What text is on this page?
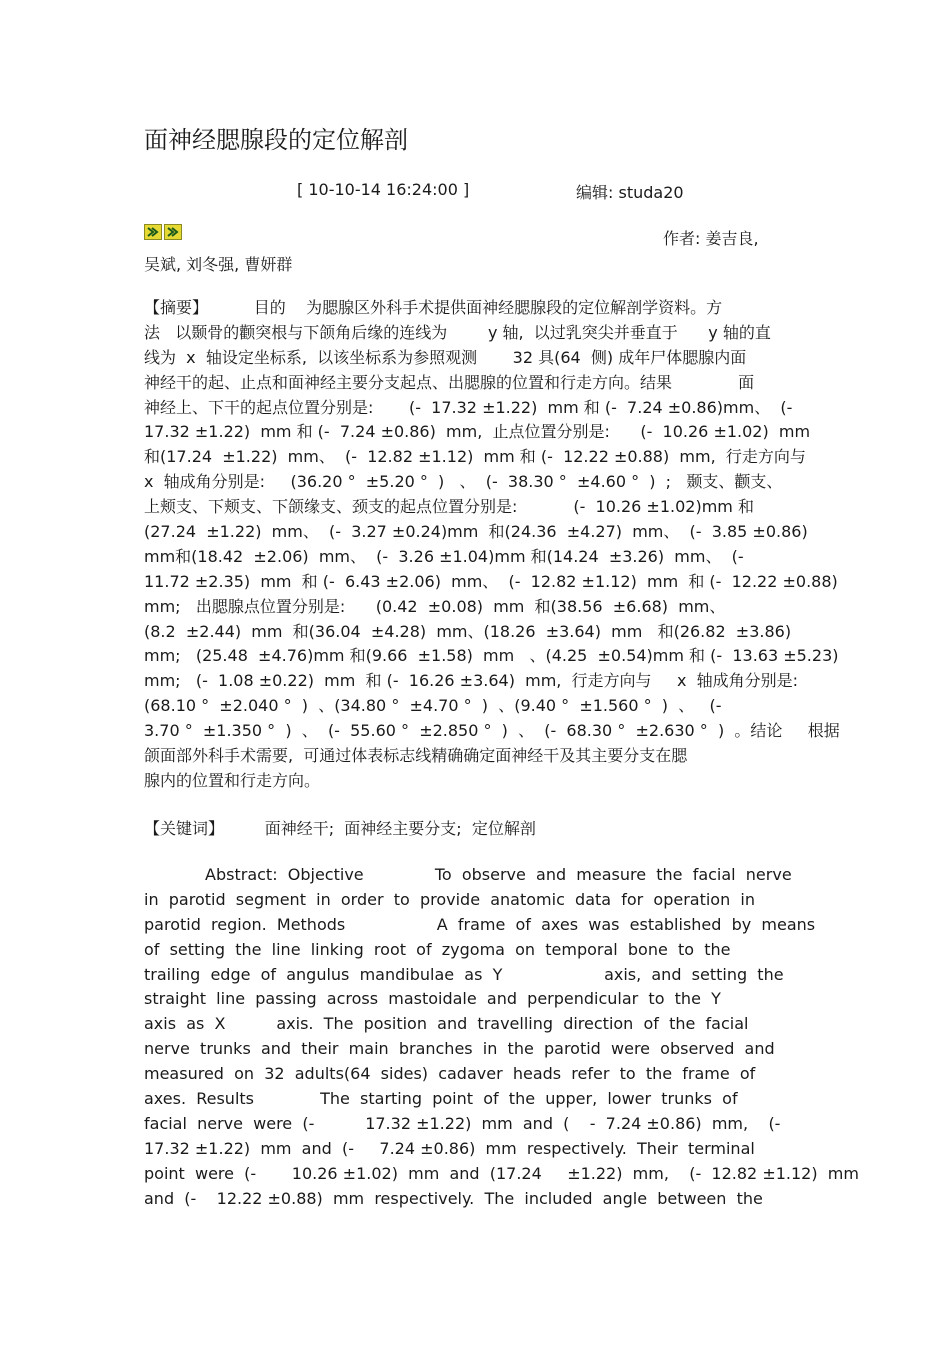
面神经腮腺段的定位解剖
[ 10-10-14 16:24:00 ]	编辑: studa20
作者: 姜吉良,
吴斌, 刘冬强, 曹妍群
【摘要】         目的    为腮腺区外科手术提供面神经腮腺段的定位解剖学资料。方
法   以颞骨的颧突根与下颌角后缘的连线为        y 轴,  以过乳突尖并垂直于      y 轴的直
线为  x  轴设定坐标系,  以该坐标系为参照观测       32 具(64  侧) 成年尸体腮腺内面
神经干的起、止点和面神经主要分支起点、出腮腺的位置和行走方向。结果             面
神经上、下干的起点位置分别是:       (-  17.32 ±1.22)  mm 和 (-  7.24 ±0.86)mm、  (-
17.32 ±1.22)  mm 和 (-  7.24 ±0.86)  mm,  止点位置分别是:      (-  10.26 ±1.02)  mm
和(17.24  ±1.22)  mm、  (-  12.82 ±1.12)  mm 和 (-  12.22 ±0.88)  mm,  行走方向与
x  轴成角分别是:     (36.20 °  ±5.20 °  )   、  (-  38.30 °  ±4.60 °  )  ;   颞支、颧支、
上颊支、下颊支、下颌缘支、颈支的起点位置分别是:           (-  10.26 ±1.02)mm 和
(27.24  ±1.22)  mm、  (-  3.27 ±0.24)mm  和(24.36  ±4.27)  mm、  (-  3.85 ±0.86)
mm和(18.42  ±2.06)  mm、  (-  3.26 ±1.04)mm 和(14.24  ±3.26)  mm、  (-
11.72 ±2.35)  mm  和 (-  6.43 ±2.06)  mm、  (-  12.82 ±1.12)  mm  和 (-  12.22 ±0.88)
mm;   出腮腺点位置分别是:      (0.42  ±0.08)  mm  和(38.56  ±6.68)  mm、
(8.2  ±2.44)  mm  和(36.04  ±4.28)  mm、(18.26  ±3.64)  mm   和(26.82  ±3.86)
mm;   (25.48  ±4.76)mm 和(9.66  ±1.58)  mm   、(4.25  ±0.54)mm 和 (-  13.63 ±5.23)
mm;   (-  1.08 ±0.22)  mm  和 (-  16.26 ±3.64)  mm,  行走方向与     x  轴成角分别是:
(68.10 °  ±2.040 °  )  、(34.80 °  ±4.70 °  )  、(9.40 °  ±1.560 °  )  、   (-
3.70 °  ±1.350 °  )  、  (-  55.60 °  ±2.850 °  )  、  (-  68.30 °  ±2.630 °  )  。结论     根据
颌面部外科手术需要,  可通过体表标志线精确确定面神经干及其主要分支在腮
腺内的位置和行走方向。
【关键词】        面神经干;  面神经主要分支;  定位解剖
Abstract:  Objective              To  observe  and  measure  the  facial  nerve
in  parotid  segment  in  order  to  provide  anatomic  data  for  operation  in
parotid  region.  Methods                  A  frame  of  axes  was  established  by  means
of  setting  the  line  linking  root  of  zygoma  on  temporal  bone  to  the
trailing  edge  of  angulus  mandibulae  as  Y                    axis,  and  setting  the
straight  line  passing  across  mastoidale  and  perpendicular  to  the  Y
axis  as  X          axis.  The  position  and  travelling  direction  of  the  facial
nerve  trunks  and  their  main  branches  in  the  parotid  were  observed  and
measured  on  32  adults(64  sides)  cadaver  heads  refer  to  the  frame  of
axes.  Results             The  starting  point  of  the  upper,  lower  trunks  of
facial  nerve  were  (-          17.32 ±1.22)  mm  and  (    -  7.24 ±0.86)  mm,    (-
17.32 ±1.22)  mm  and  (-     7.24 ±0.86)  mm  respectively.  Their  terminal
point  were  (-       10.26 ±1.02)  mm  and  (17.24     ±1.22)  mm,    (-  12.82 ±1.12)  mm
and  (-    12.22 ±0.88)  mm  respectively.  The  included  angle  between  the
